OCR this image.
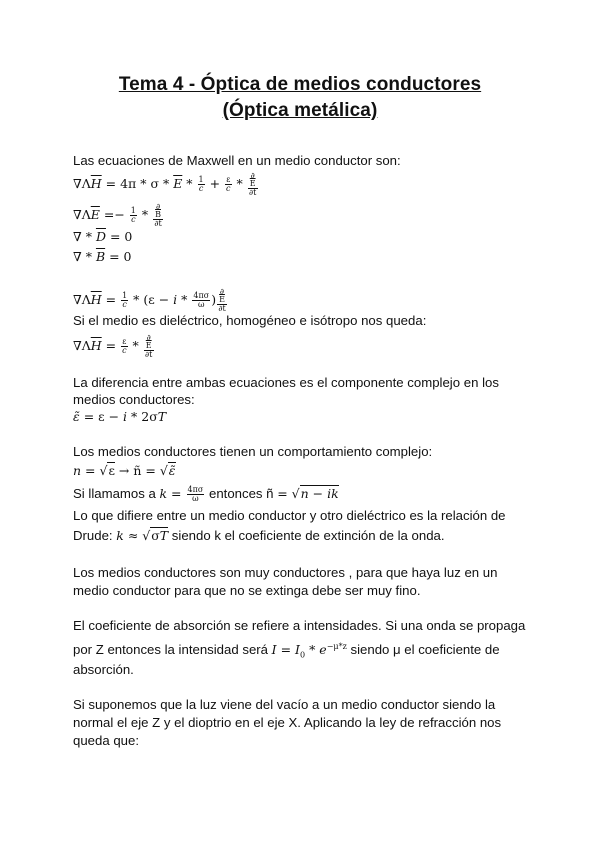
Tema 4 - Óptica de medios conductores
(Óptica metálica)
Las ecuaciones de Maxwell en un medio conductor son:
$\nabla\Lambda\overline{H} = 4\pi * \sigma * \overline{E} * \frac{1}{c} + \frac{\varepsilon}{c}$ * ∂
$\overline{E}$
∂t
$\nabla\Lambda\overline{E} =- \frac{1}{c}$ * ∂
$\overline{B}$
∂t
∇ * $\overline{D} = 0$
∇ * $\overline{B} = 0$
$\nabla\Lambda\overline{H} = \frac{1}{c} * (\varepsilon - i * \frac{4\pi\sigma}{\omega}$ ) ∂
$\overline{E}$
∂t
Si el medio es dieléctrico, homogéneo e isótropo nos queda:
$\nabla\Lambda\overline{H} = \frac{\varepsilon}{c}$ * ∂
$\overline{E}$
∂t
La diferencia entre ambas ecuaciones es el componente complejo en los
medios conductores:
ε̃ = ε − i * 2σT
Los medios conductores tienen un comportamiento complejo:
n = √ε → ñ = √ε̃
Si llamamos a $k = \frac{4\pi\sigma}{\omega}$ entonces ñ = √n − ik
Lo que difiere entre un medio conductor y otro dieléctrico es la relación de
Drude: k ≈ √σT siendo k el coeficiente de extinción de la onda.
Los medios conductores son muy conductores , para que haya luz en un
medio conductor para que no se extinga debe ser muy fino.
El coeficiente de absorción se refiere a intensidades. Si una onda se propaga
por Z entonces la intensidad será $I = I_0 * e^{-\mu*z}$ siendo μ el coeficiente de
absorción.
Si suponemos que la luz viene del vacío a un medio conductor siendo la
normal el eje Z y el dioptrio en el eje X. Aplicando la ley de refracción nos
queda que:
